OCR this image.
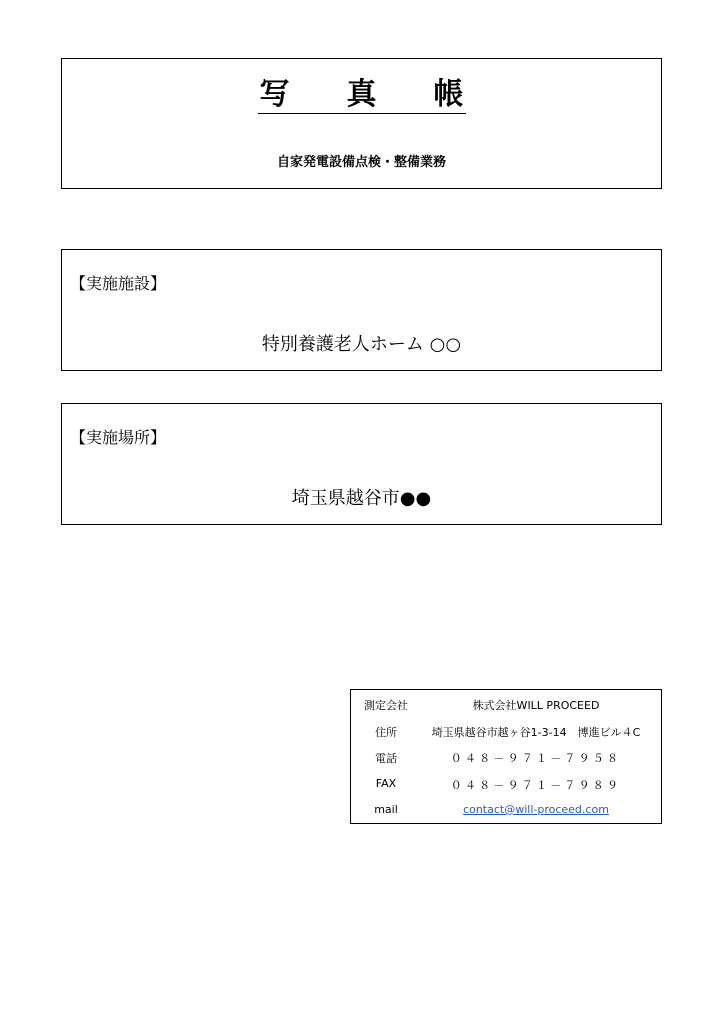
写 真 帳
自家発電設備点検・整備業務
【実施施設】
特別養護老人ホーム ○○
【実施場所】
埼玉県越谷市●●
測定会社	株式会社WILL PROCEED
住所	埼玉県越谷市越ヶ谷1-3-14　博進ビル４C
電話	０４８－９７１－７９５８
FAX	０４８－９７１－７９８９
mail	contact@will-proceed.com
